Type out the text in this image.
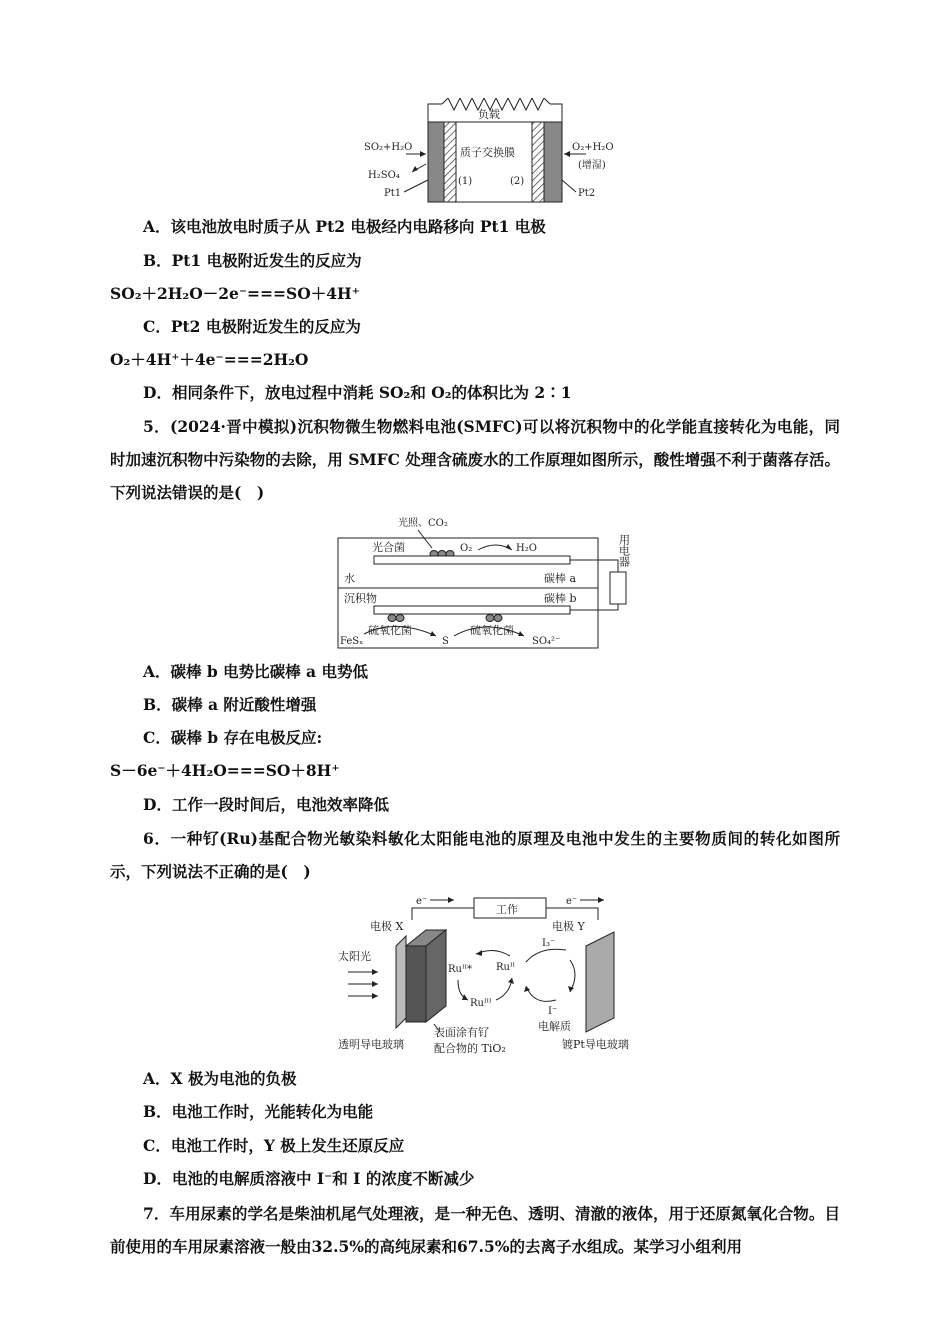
负载
质子交换膜
(1)	(2)
SO₂+H₂O
H₂SO₄
Pt1
O₂+H₂O
(增湿)
Pt2
A．该电池放电时质子从 Pt2 电极经内电路移向 Pt1 电极
B．Pt1 电极附近发生的反应为
SO₂＋2H₂O－2e⁻===SO＋4H⁺
C．Pt2 电极附近发生的反应为
O₂＋4H⁺＋4e⁻===2H₂O
D．相同条件下，放电过程中消耗 SO₂和 O₂的体积比为 2∶1
5．(2024·晋中模拟)沉积物微生物燃料电池(SMFC)可以将沉积物中的化学能直接转化为电能，同时加速沉积物中污染物的去除，用 SMFC 处理含硫废水的工作原理如图所示，酸性增强不利于菌落存活。下列说法错误的是(　)
光照、CO₂
光合菌	O₂	H₂O
水	碳棒 a
沉积物	碳棒 b
FeSₓ
硫氧化菌
S
硫氧化菌
SO₄²⁻
用电器
A．碳棒 b 电势比碳棒 a 电势低
B．碳棒 a 附近酸性增强
C．碳棒 b 存在电极反应:
S－6e⁻＋4H₂O===SO＋8H⁺
D．工作一段时间后，电池效率降低
6．一种钌(Ru)基配合物光敏染料敏化太阳能电池的原理及电池中发生的主要物质间的转化如图所示，下列说法不正确的是(　)
e⁻
工作
e⁻
电极 X	电极 Y
太阳光
Ruᴵᴵ* Ruᴵᴵ
Ruᴵᴵᴵ
I₃⁻
I⁻
电解质
透明导电玻璃
表面涂有钌
配合物的 TiO₂	镀Pt导电玻璃
A．X 极为电池的负极
B．电池工作时，光能转化为电能
C．电池工作时，Y 极上发生还原反应
D．电池的电解质溶液中 I⁻和 I 的浓度不断减少
7．车用尿素的学名是柴油机尾气处理液，是一种无色、透明、清澈的液体，用于还原氮氧化合物。目前使用的车用尿素溶液一般由32.5%的高纯尿素和67.5%的去离子水组成。某学习小组利用
